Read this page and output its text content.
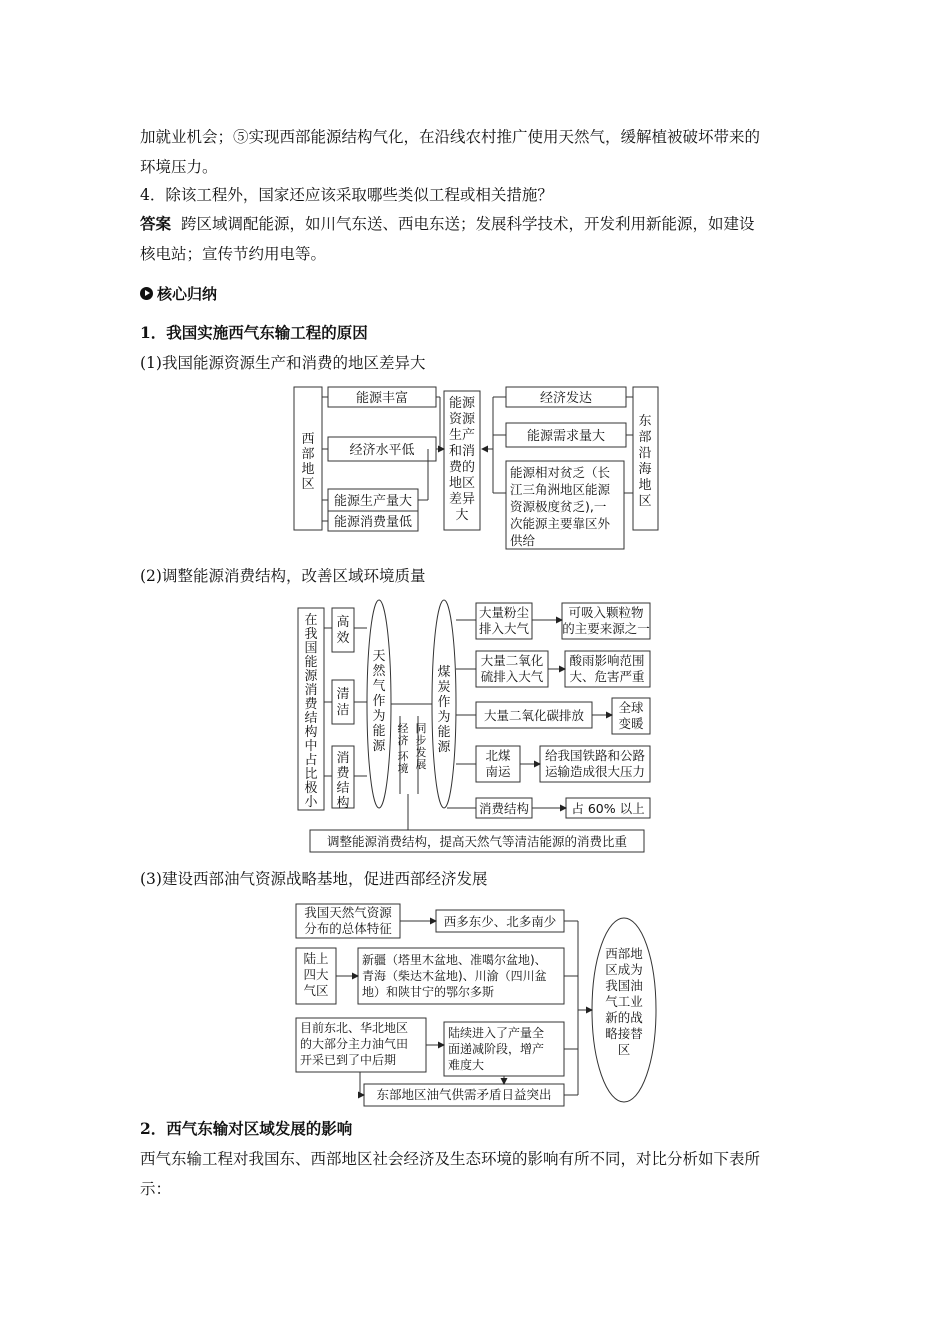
加就业机会；⑤实现西部能源结构气化，在沿线农村推广使用天然气，缓解植被破坏带来的
环境压力。
4．除该工程外，国家还应该采取哪些类似工程或相关措施？
答案 跨区域调配能源，如川气东送、西电东送；发展科学技术，开发利用新能源，如建设
核电站；宣传节约用电等。
核心归纳
1．我国实施西气东输工程的原因
(1)我国能源资源生产和消费的地区差异大
西部地区
能源丰富
经济水平低
能源生产量大
能源消费量低
能源资源生产和消费的地区差异大
经济发达
能源需求量大
能源相对贫乏（长
江三角洲地区能源
资源极度贫乏),一
次能源主要靠区外
供给
东部沿海地区
(2)调整能源消费结构，改善区域环境质量
在我国能源消费结构中占比极小
高效
清洁
消费结构
天然气作为能源
煤炭作为能源
经济环境
同步发展
大量粉尘排入大气
可吸入颗粒物的主要来源之一
大量二氧化硫排入大气
酸雨影响范围大、危害严重
大量二氧化碳排放
全球变暖
北煤南运
给我国铁路和公路运输造成很大压力
消费结构	占 60% 以上
调整能源消费结构，提高天然气等清洁能源的消费比重
(3)建设西部油气资源战略基地，促进西部经济发展
我国天然气资源分布的总体特征	西多东少、北多南少
陆上四大气区
新疆（塔里木盆地、准噶尔盆地)、
青海（柴达木盆地)、川渝（四川盆
地）和陕甘宁的鄂尔多斯
目前东北、华北地区
的大部分主力油气田
开采已到了中后期
陆续进入了产量全
面递减阶段，增产
难度大
东部地区油气供需矛盾日益突出
西部地区成为我国油气工业新的战略接替区
2．西气东输对区域发展的影响
西气东输工程对我国东、西部地区社会经济及生态环境的影响有所不同，对比分析如下表所
示：
